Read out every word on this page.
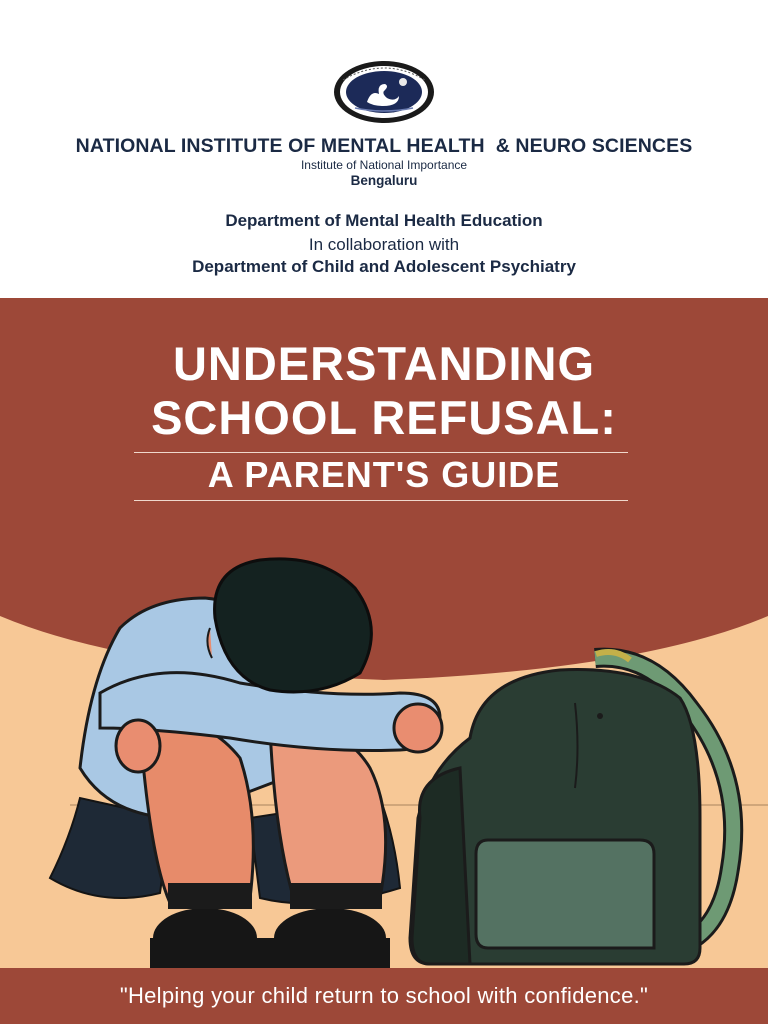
NATIONAL INSTITUTE OF MENTAL HEALTH  & NEURO SCIENCES
Institute of National Importance
Bengaluru
Department of Mental Health Education
In collaboration with
Department of Child and Adolescent Psychiatry
UNDERSTANDING
SCHOOL REFUSAL:
A PARENT'S GUIDE
"Helping your child return to school with confidence."
